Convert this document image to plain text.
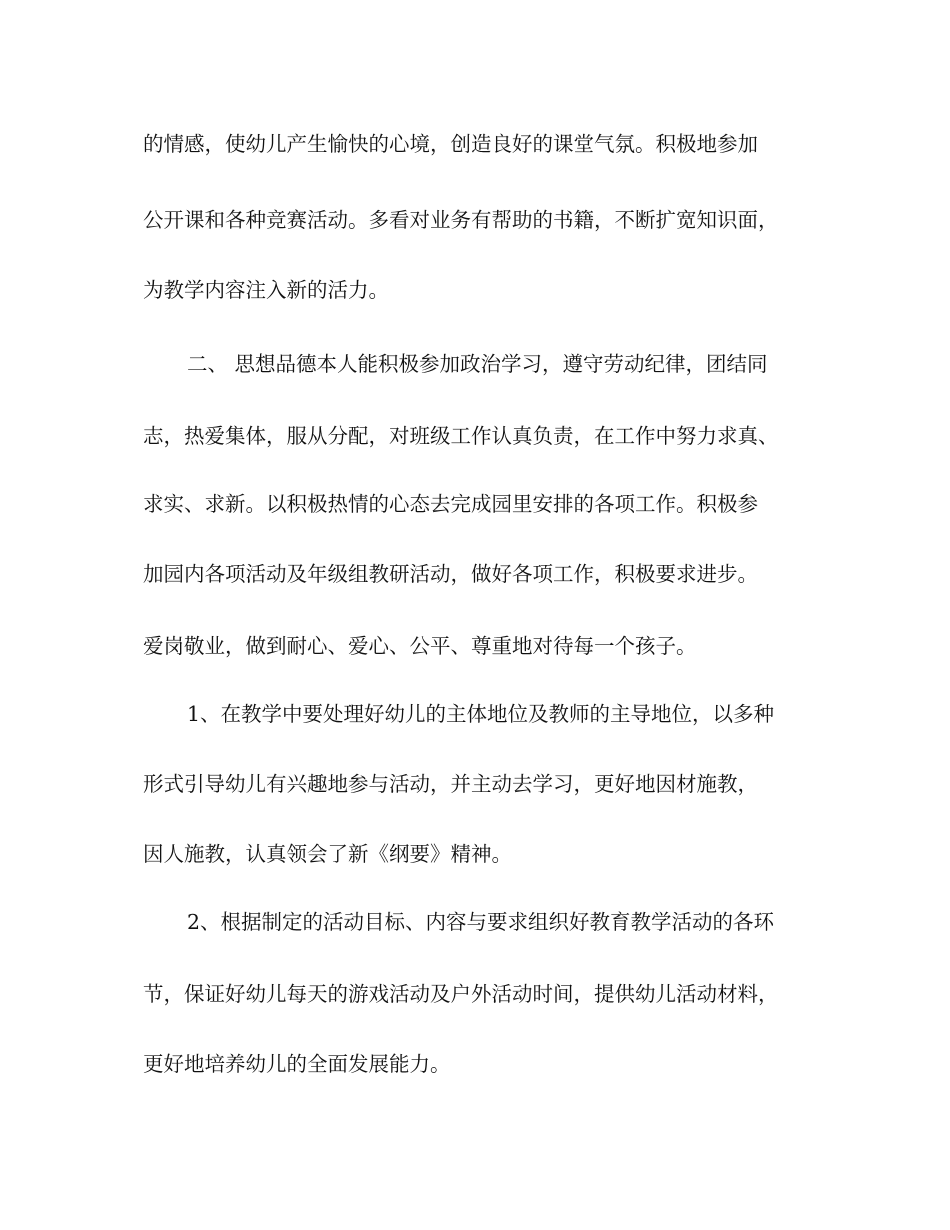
的情感，使幼儿产生愉快的心境，创造良好的课堂气氛。积极地参加

公开课和各种竞赛活动。多看对业务有帮助的书籍，不断扩宽知识面，

为教学内容注入新的活力。

二、 思想品德本人能积极参加政治学习，遵守劳动纪律，团结同

志，热爱集体，服从分配，对班级工作认真负责，在工作中努力求真、

求实、求新。以积极热情的心态去完成园里安排的各项工作。积极参

加园内各项活动及年级组教研活动，做好各项工作，积极要求进步。

爱岗敬业，做到耐心、爱心、公平、尊重地对待每一个孩子。

1、在教学中要处理好幼儿的主体地位及教师的主导地位，以多种

形式引导幼儿有兴趣地参与活动，并主动去学习，更好地因材施教，

因人施教，认真领会了新《纲要》精神。

2、根据制定的活动目标、内容与要求组织好教育教学活动的各环

节，保证好幼儿每天的游戏活动及户外活动时间，提供幼儿活动材料，

更好地培养幼儿的全面发展能力。
